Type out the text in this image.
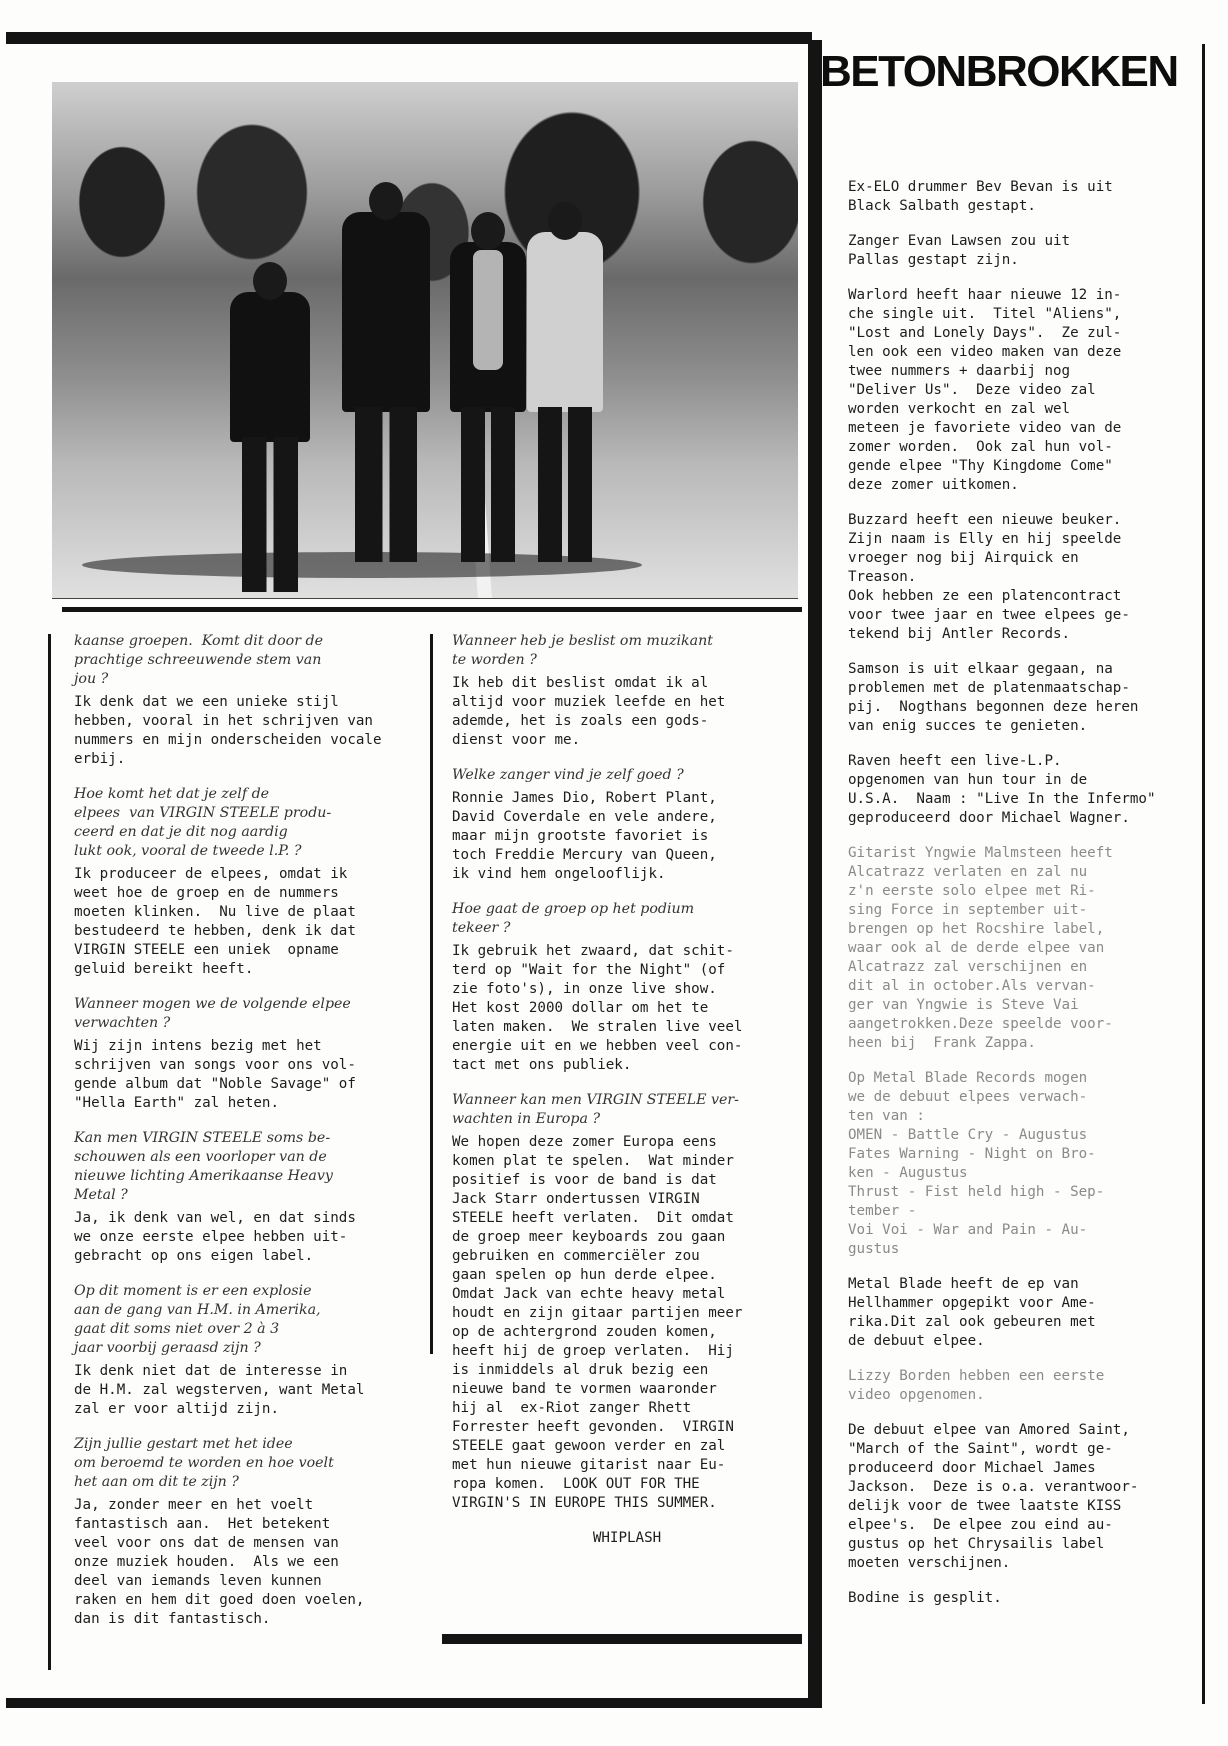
BETONBROKKEN

kaanse groepen.  Komt dit door de
prachtige schreeuwende stem van
jou ?

Ik denk dat we een unieke stijl
hebben, vooral in het schrijven van
nummers en mijn onderscheiden vocale
erbij.

Hoe komt het dat je zelf de
elpees  van VIRGIN STEELE produ-
ceerd en dat je dit nog aardig
lukt ook, vooral de tweede l.P. ?

Ik produceer de elpees, omdat ik
weet hoe de groep en de nummers
moeten klinken.  Nu live de plaat
bestudeerd te hebben, denk ik dat
VIRGIN STEELE een uniek  opname
geluid bereikt heeft.

Wanneer mogen we de volgende elpee
verwachten ?

Wij zijn intens bezig met het
schrijven van songs voor ons vol-
gende album dat "Noble Savage" of
"Hella Earth" zal heten.

Kan men VIRGIN STEELE soms be-
schouwen als een voorloper van de
nieuwe lichting Amerikaanse Heavy
Metal ?

Ja, ik denk van wel, en dat sinds
we onze eerste elpee hebben uit-
gebracht op ons eigen label.

Op dit moment is er een explosie
aan de gang van H.M. in Amerika,
gaat dit soms niet over 2 à 3
jaar voorbij geraasd zijn ?

Ik denk niet dat de interesse in
de H.M. zal wegsterven, want Metal
zal er voor altijd zijn.

Zijn jullie gestart met het idee
om beroemd te worden en hoe voelt
het aan om dit te zijn ?

Ja, zonder meer en het voelt
fantastisch aan.  Het betekent
veel voor ons dat de mensen van
onze muziek houden.  Als we een
deel van iemands leven kunnen
raken en hem dit goed doen voelen,
dan is dit fantastisch.

Wanneer heb je beslist om muzikant
te worden ?

Ik heb dit beslist omdat ik al
altijd voor muziek leefde en het
ademde, het is zoals een gods-
dienst voor me.

Welke zanger vind je zelf goed ?

Ronnie James Dio, Robert Plant,
David Coverdale en vele andere,
maar mijn grootste favoriet is
toch Freddie Mercury van Queen,
ik vind hem ongelooflijk.

Hoe gaat de groep op het podium
tekeer ?

Ik gebruik het zwaard, dat schit-
terd op "Wait for the Night" (of
zie foto's), in onze live show.
Het kost 2000 dollar om het te
laten maken.  We stralen live veel
energie uit en we hebben veel con-
tact met ons publiek.

Wanneer kan men VIRGIN STEELE ver-
wachten in Europa ?

We hopen deze zomer Europa eens
komen plat te spelen.  Wat minder
positief is voor de band is dat
Jack Starr ondertussen VIRGIN
STEELE heeft verlaten.  Dit omdat
de groep meer keyboards zou gaan
gebruiken en commerciëler zou
gaan spelen op hun derde elpee.
Omdat Jack van echte heavy metal
houdt en zijn gitaar partijen meer
op de achtergrond zouden komen,
heeft hij de groep verlaten.  Hij
is inmiddels al druk bezig een
nieuwe band te vormen waaronder
hij al  ex-Riot zanger Rhett
Forrester heeft gevonden.  VIRGIN
STEELE gaat gewoon verder en zal
met hun nieuwe gitarist naar Eu-
ropa komen.  LOOK OUT FOR THE
VIRGIN'S IN EUROPE THIS SUMMER.

WHIPLASH

Ex-ELO drummer Bev Bevan is uit
Black Salbath gestapt.

Zanger Evan Lawsen zou uit
Pallas gestapt zijn.

Warlord heeft haar nieuwe 12 in-
che single uit.  Titel "Aliens",
"Lost and Lonely Days".  Ze zul-
len ook een video maken van deze
twee nummers + daarbij nog
"Deliver Us".  Deze video zal
worden verkocht en zal wel
meteen je favoriete video van de
zomer worden.  Ook zal hun vol-
gende elpee "Thy Kingdome Come"
deze zomer uitkomen.

Buzzard heeft een nieuwe beuker.
Zijn naam is Elly en hij speelde
vroeger nog bij Airquick en
Treason.
Ook hebben ze een platencontract
voor twee jaar en twee elpees ge-
tekend bij Antler Records.

Samson is uit elkaar gegaan, na
problemen met de platenmaatschap-
pij.  Nogthans begonnen deze heren
van enig succes te genieten.

Raven heeft een live-L.P.
opgenomen van hun tour in de
U.S.A.  Naam : "Live In the Infermo"
geproduceerd door Michael Wagner.

Gitarist Yngwie Malmsteen heeft
Alcatrazz verlaten en zal nu
z'n eerste solo elpee met Ri-
sing Force in september uit-
brengen op het Rocshire label,
waar ook al de derde elpee van
Alcatrazz zal verschijnen en
dit al in october.Als vervan-
ger van Yngwie is Steve Vai
aangetrokken.Deze speelde voor-
heen bij  Frank Zappa.

Op Metal Blade Records mogen
we de debuut elpees verwach-
ten van :
OMEN - Battle Cry - Augustus
Fates Warning - Night on Bro-
ken - Augustus
Thrust - Fist held high - Sep-
tember -
Voi Voi - War and Pain - Au-
gustus

Metal Blade heeft de ep van
Hellhammer opgepikt voor Ame-
rika.Dit zal ook gebeuren met
de debuut elpee.

Lizzy Borden hebben een eerste
video opgenomen.

De debuut elpee van Amored Saint,
"March of the Saint", wordt ge-
produceerd door Michael James
Jackson.  Deze is o.a. verantwoor-
delijk voor de twee laatste KISS
elpee's.  De elpee zou eind au-
gustus op het Chrysailis label
moeten verschijnen.

Bodine is gesplit.
